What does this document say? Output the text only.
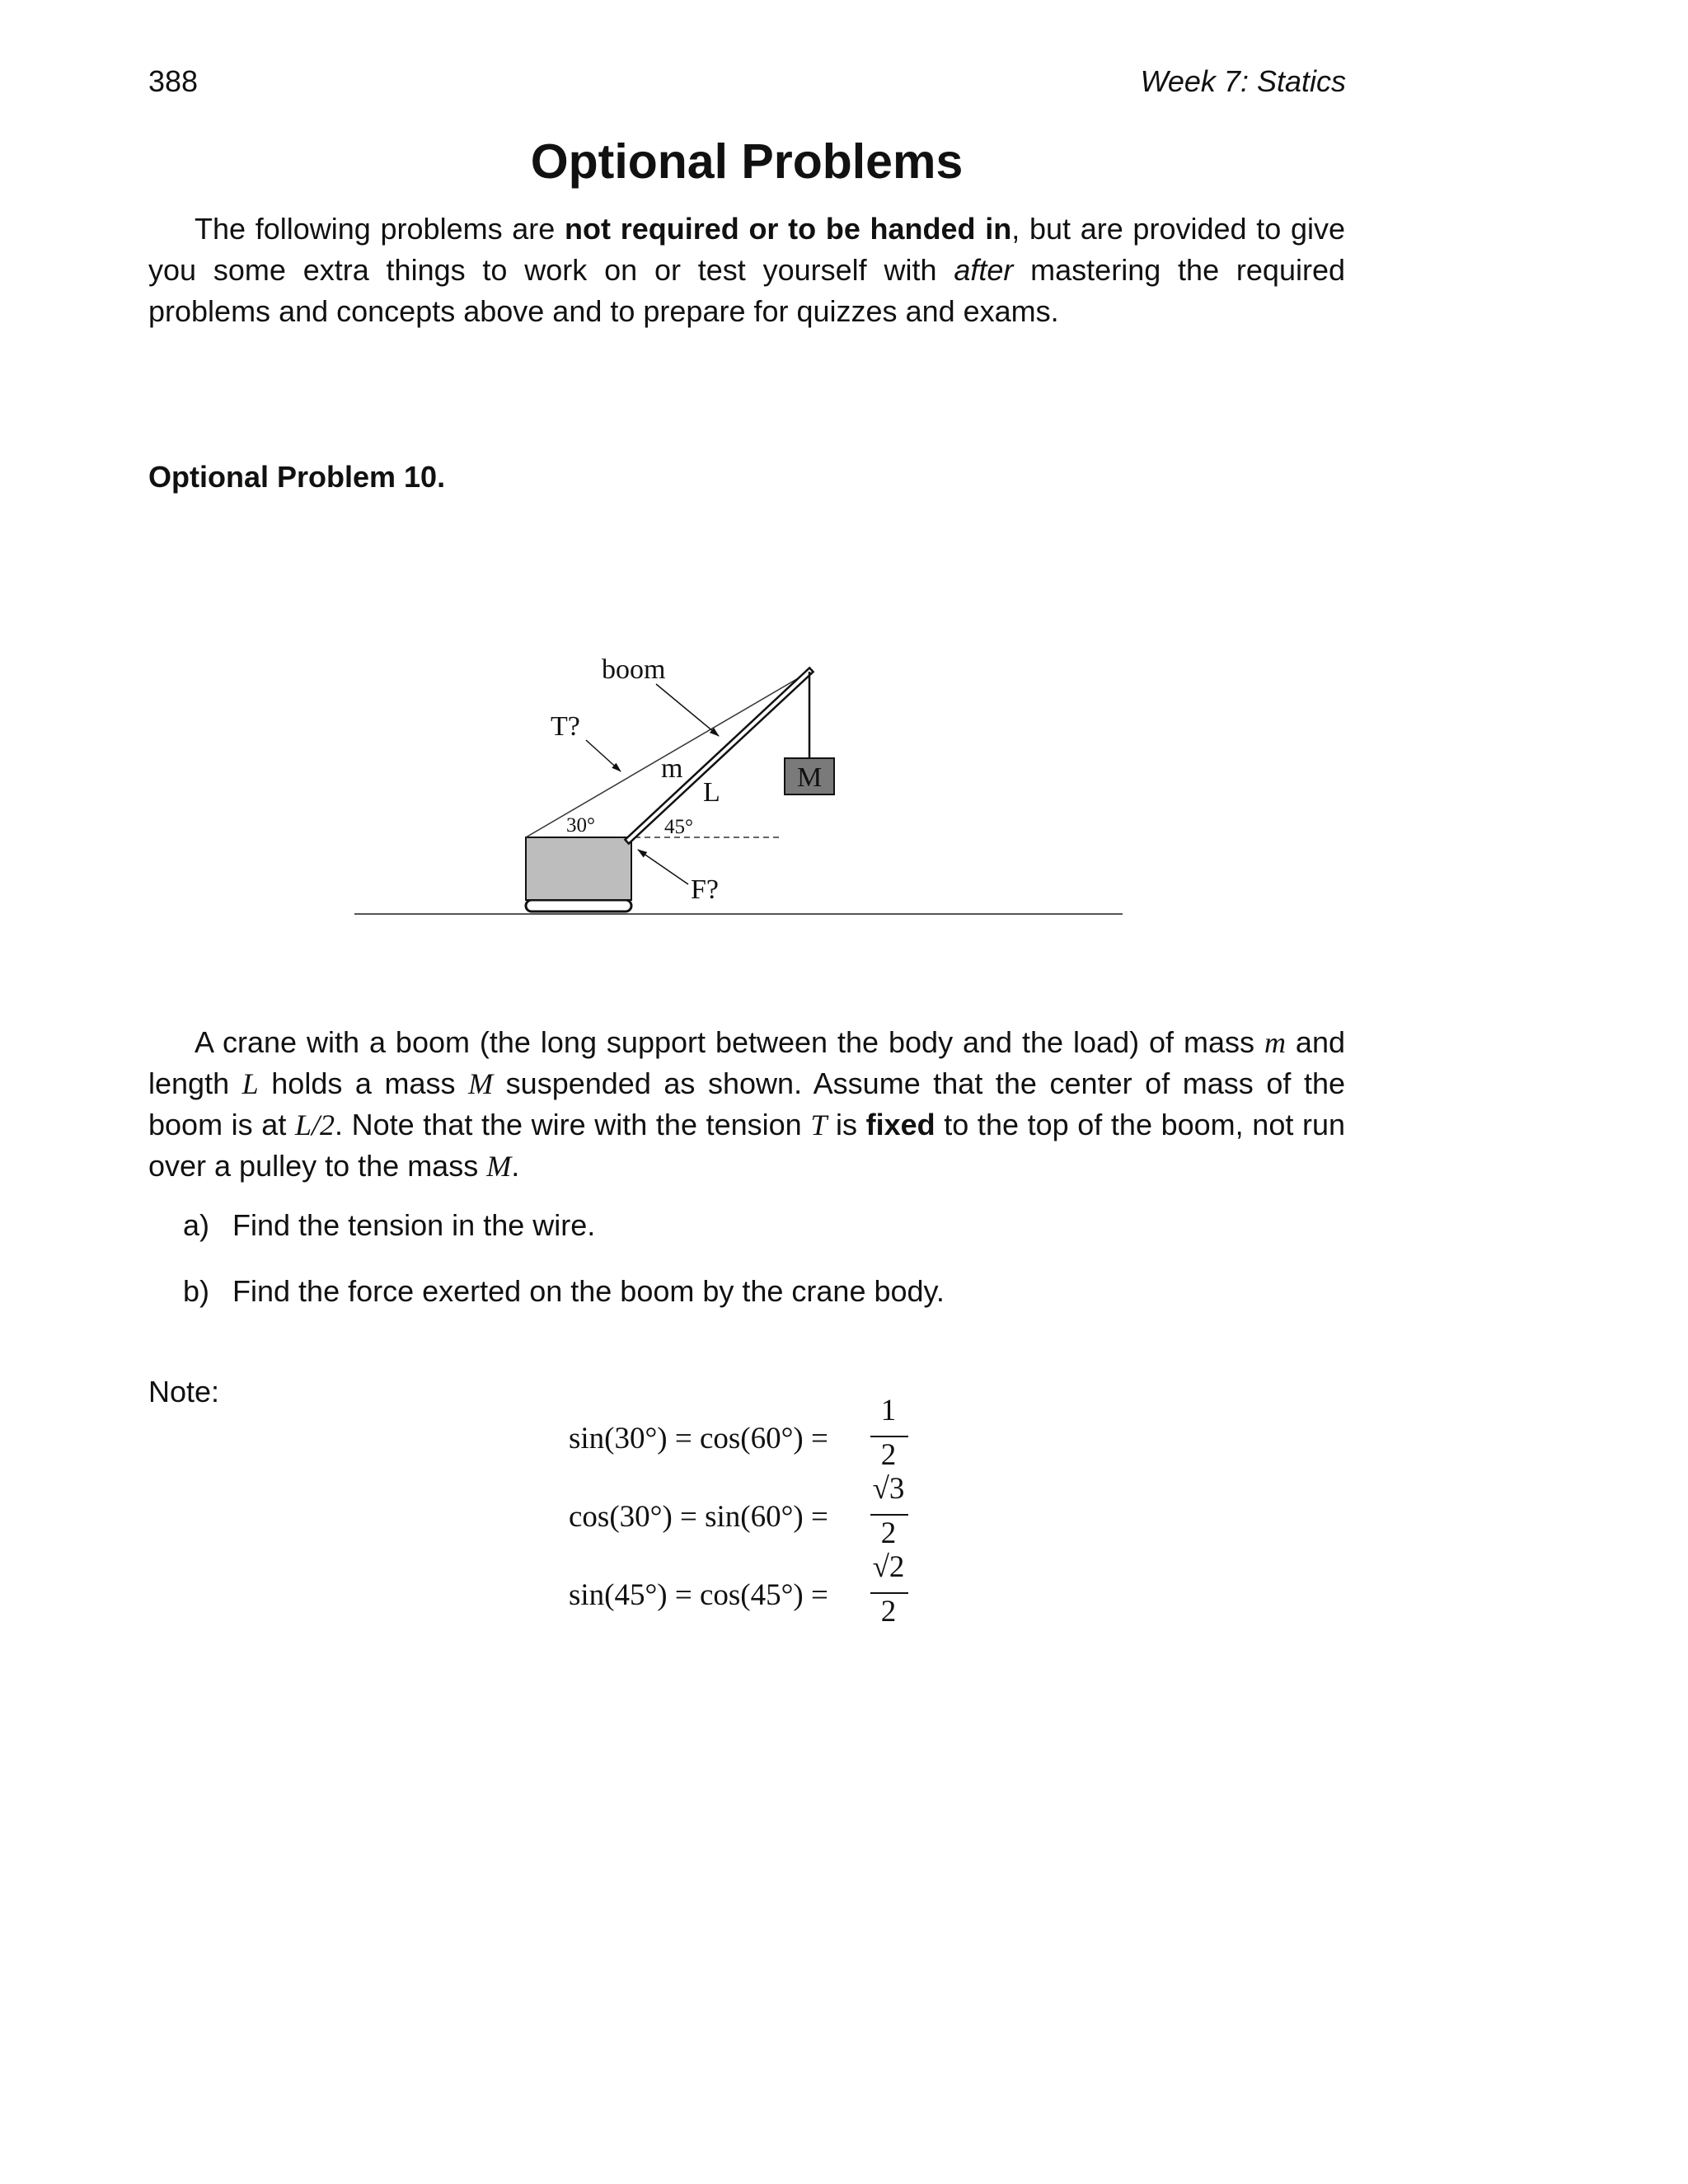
388	Week 7: Statics
Optional Problems

The following problems are not required or to be handed in, but are provided to give you some extra things to work on or test yourself with after mastering the required problems and concepts above and to prepare for quizzes and exams.

Optional Problem 10.
boom
T?
m
L	M
30°	45°
F?

A crane with a boom (the long support between the body and the load) of mass m and length L holds a mass M suspended as shown. Assume that the center of mass of the boom is at L/2. Note that the wire with the tension T is fixed to the top of the boom, not run over a pulley to the mass M.

a) Find the tension in the wire.
b) Find the force exerted on the boom by the crane body.
Note:
sin(30°) = cos(60°) =
1
2
cos(30°) = sin(60°) =
√3
2
sin(45°) = cos(45°) =
√2
2
